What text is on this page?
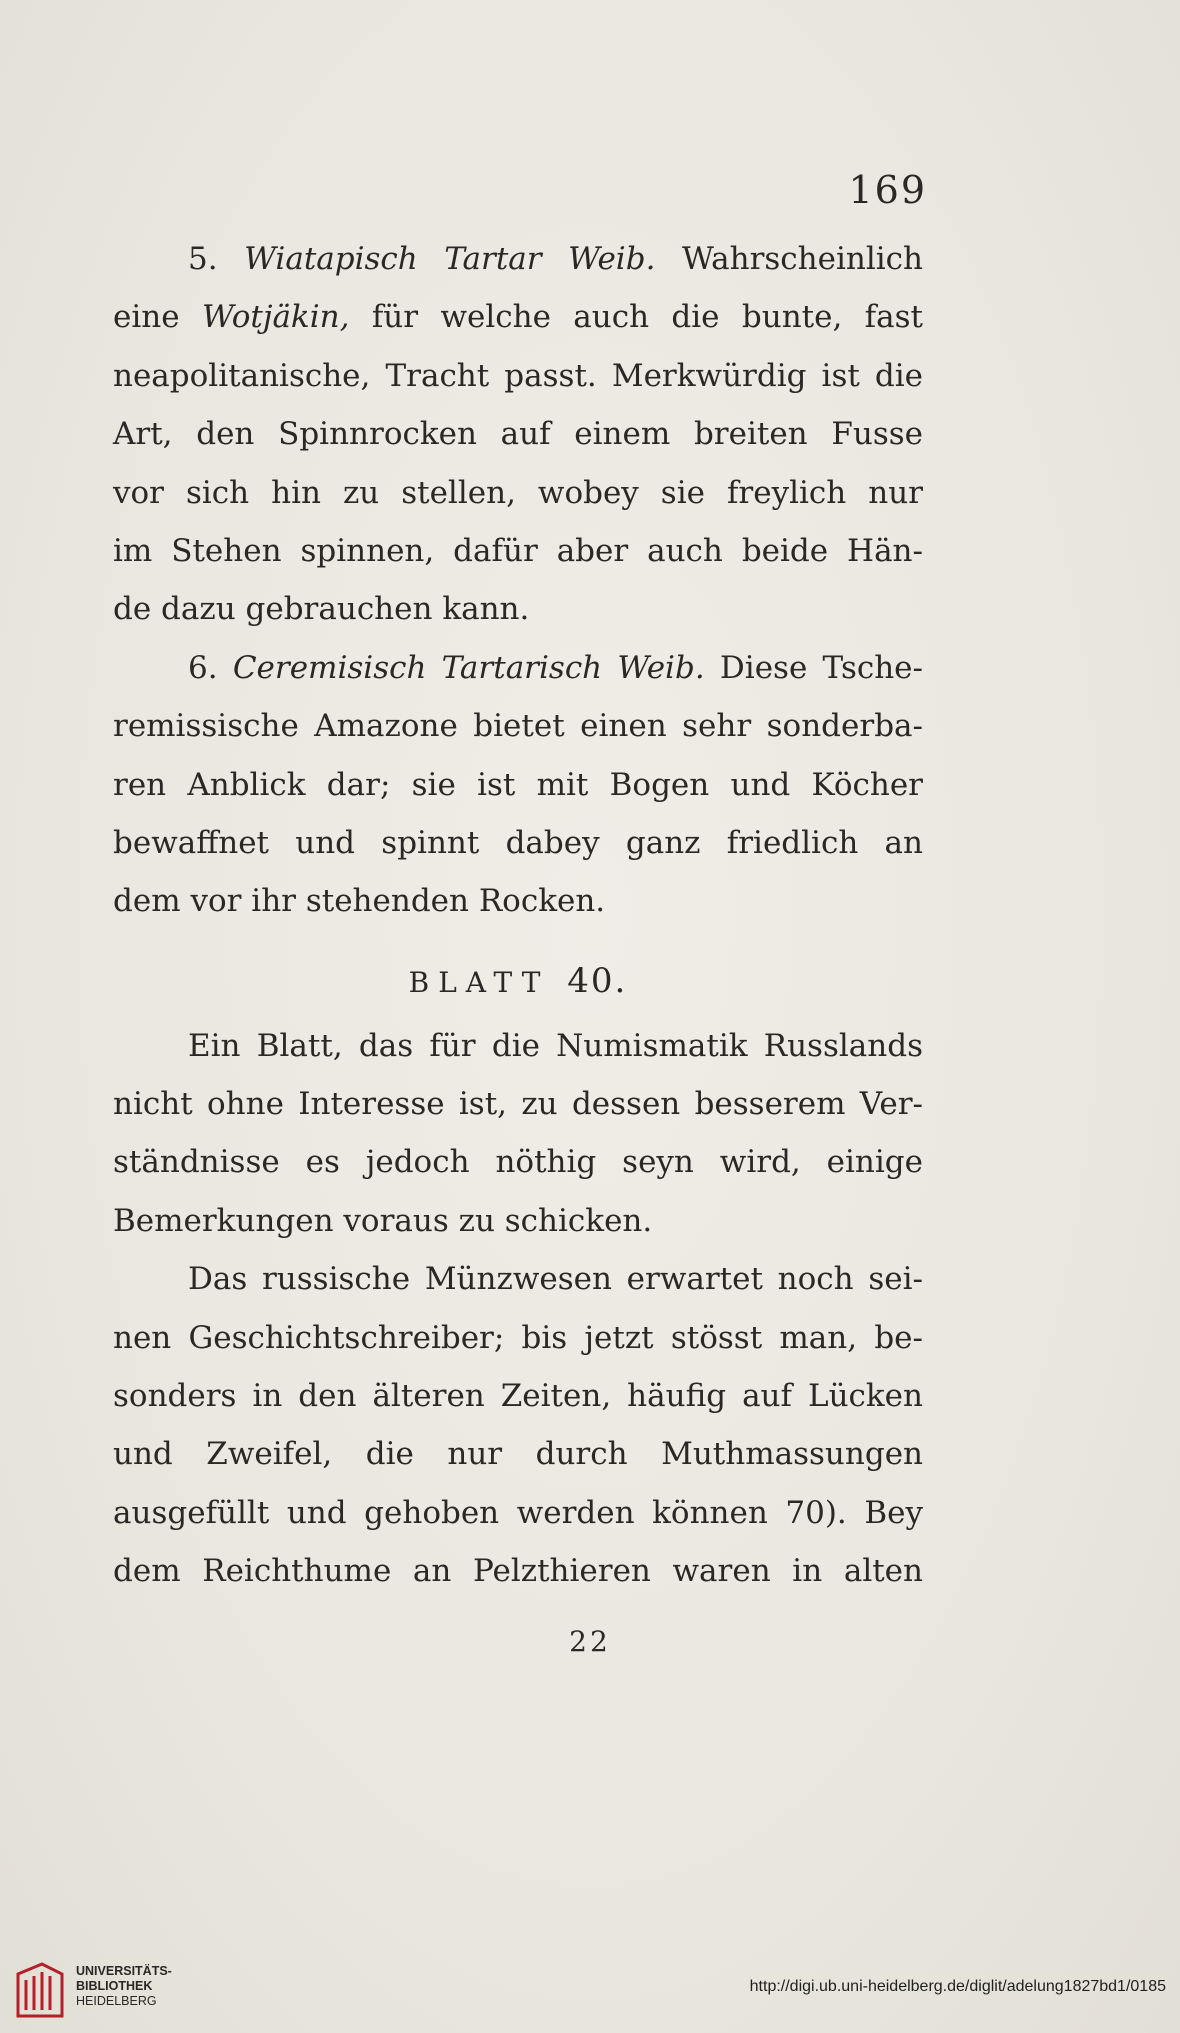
169
5. Wiatapisch Tartar Weib. Wahrscheinlich
eine Wotjäkin, für welche auch die bunte, fast
neapolitanische, Tracht passt. Merkwürdig ist die
Art, den Spinnrocken auf einem breiten Fusse
vor sich hin zu stellen, wobey sie freylich nur
im Stehen spinnen, dafür aber auch beide Hän-
de dazu gebrauchen kann.
6. Ceremisisch Tartarisch Weib. Diese Tsche-
remissische Amazone bietet einen sehr sonderba-
ren Anblick dar; sie ist mit Bogen und Köcher
bewaffnet und spinnt dabey ganz friedlich an
dem vor ihr stehenden Rocken.
BLATT 40.
Ein Blatt, das für die Numismatik Russlands
nicht ohne Interesse ist, zu dessen besserem Ver-
ständnisse es jedoch nöthig seyn wird, einige
Bemerkungen voraus zu schicken.
Das russische Münzwesen erwartet noch sei-
nen Geschichtschreiber; bis jetzt stösst man, be-
sonders in den älteren Zeiten, häufig auf Lücken
und Zweifel, die nur durch Muthmassungen
ausgefüllt und gehoben werden können 70). Bey
dem Reichthume an Pelzthieren waren in alten
22
UNIVERSITÄTS-
BIBLIOTHEK
HEIDELBERG
http://digi.ub.uni-heidelberg.de/diglit/adelung1827bd1/0185
